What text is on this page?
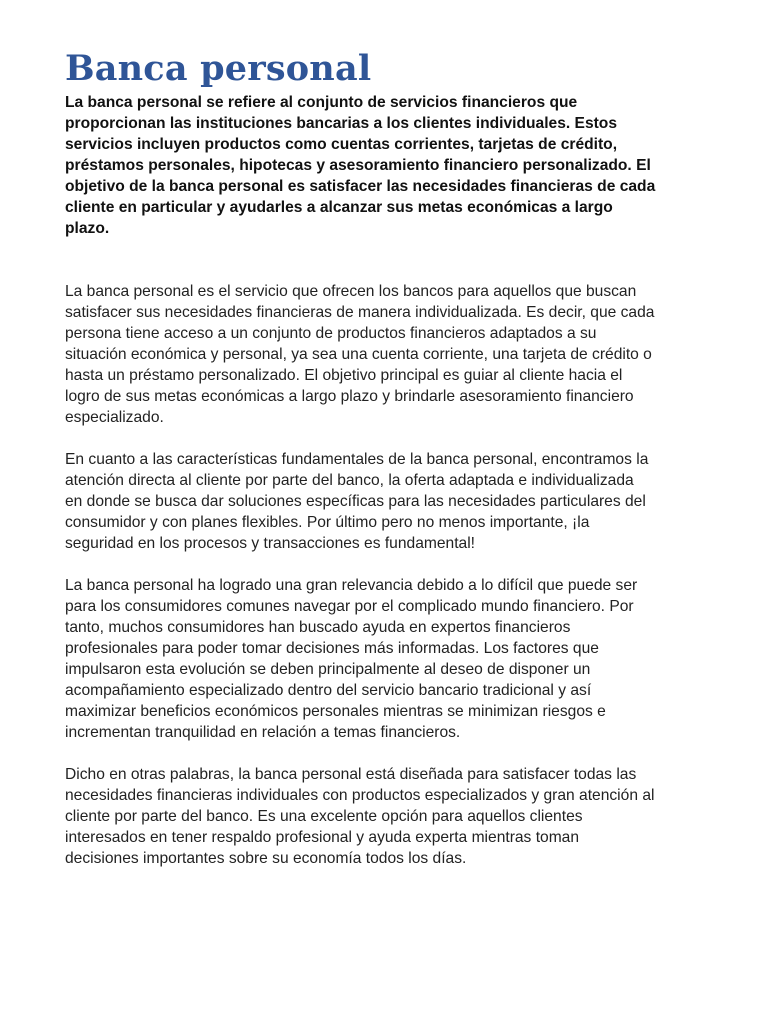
Banca personal

La banca personal se refiere al conjunto de servicios financieros que proporcionan las instituciones bancarias a los clientes individuales. Estos servicios incluyen productos como cuentas corrientes, tarjetas de crédito, préstamos personales, hipotecas y asesoramiento financiero personalizado. El objetivo de la banca personal es satisfacer las necesidades financieras de cada cliente en particular y ayudarles a alcanzar sus metas económicas a largo plazo.

La banca personal es el servicio que ofrecen los bancos para aquellos que buscan satisfacer sus necesidades financieras de manera individualizada. Es decir, que cada persona tiene acceso a un conjunto de productos financieros adaptados a su situación económica y personal, ya sea una cuenta corriente, una tarjeta de crédito o hasta un préstamo personalizado. El objetivo principal es guiar al cliente hacia el logro de sus metas económicas a largo plazo y brindarle asesoramiento financiero especializado.

En cuanto a las características fundamentales de la banca personal, encontramos la atención directa al cliente por parte del banco, la oferta adaptada e individualizada en donde se busca dar soluciones específicas para las necesidades particulares del consumidor y con planes flexibles. Por último pero no menos importante, ¡la seguridad en los procesos y transacciones es fundamental!

La banca personal ha logrado una gran relevancia debido a lo difícil que puede ser para los consumidores comunes navegar por el complicado mundo financiero. Por tanto, muchos consumidores han buscado ayuda en expertos financieros profesionales para poder tomar decisiones más informadas. Los factores que impulsaron esta evolución se deben principalmente al deseo de disponer un acompañamiento especializado dentro del servicio bancario tradicional y así maximizar beneficios económicos personales mientras se minimizan riesgos e incrementan tranquilidad en relación a temas financieros.

Dicho en otras palabras, la banca personal está diseñada para satisfacer todas las necesidades financieras individuales con productos especializados y gran atención al cliente por parte del banco. Es una excelente opción para aquellos clientes interesados en tener respaldo profesional y ayuda experta mientras toman decisiones importantes sobre su economía todos los días.
